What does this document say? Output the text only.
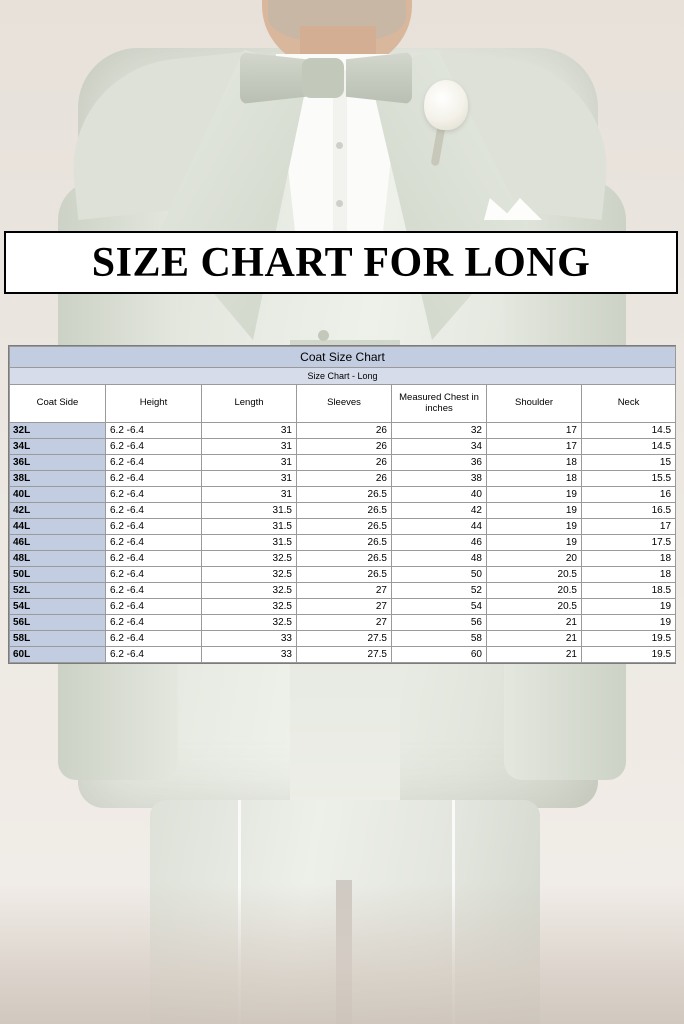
SIZE CHART FOR LONG
Coat Size Chart						
Size Chart - Long						
Coat Side	Height	Length	Sleeves	Measured Chest in inches	Shoulder	Neck
32L	6.2 -6.4	31	26	32	17	14.5
34L	6.2 -6.4	31	26	34	17	14.5
36L	6.2 -6.4	31	26	36	18	15
38L	6.2 -6.4	31	26	38	18	15.5
40L	6.2 -6.4	31	26.5	40	19	16
42L	6.2 -6.4	31.5	26.5	42	19	16.5
44L	6.2 -6.4	31.5	26.5	44	19	17
46L	6.2 -6.4	31.5	26.5	46	19	17.5
48L	6.2 -6.4	32.5	26.5	48	20	18
50L	6.2 -6.4	32.5	26.5	50	20.5	18
52L	6.2 -6.4	32.5	27	52	20.5	18.5
54L	6.2 -6.4	32.5	27	54	20.5	19
56L	6.2 -6.4	32.5	27	56	21	19
58L	6.2 -6.4	33	27.5	58	21	19.5
60L	6.2 -6.4	33	27.5	60	21	19.5
